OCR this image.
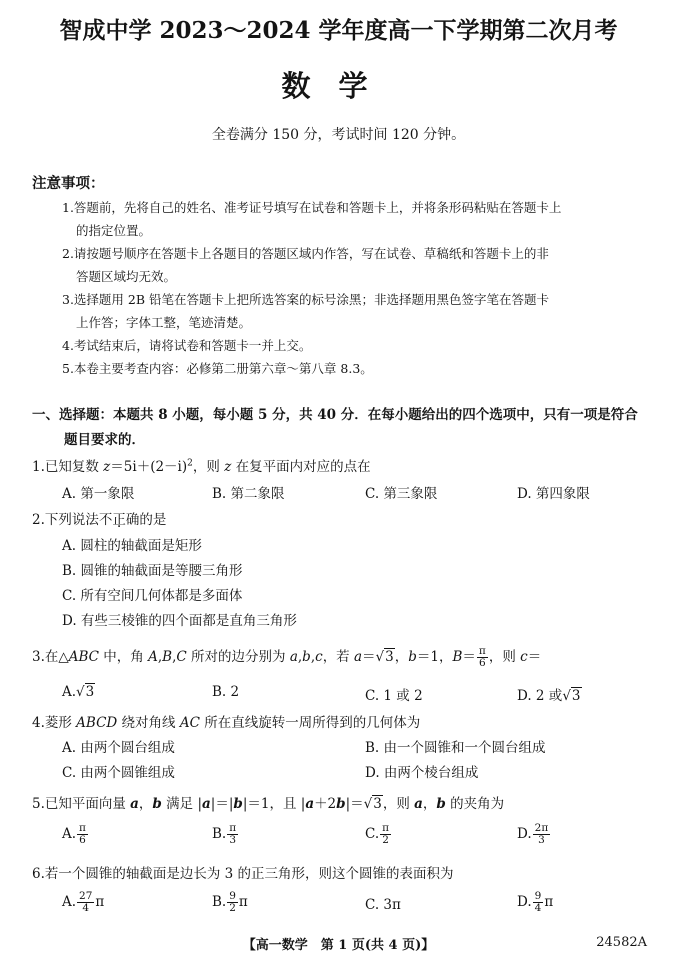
智成中学 2023～2024 学年度高一下学期第二次月考
数学
全卷满分 150 分，考试时间 120 分钟。
注意事项：
1.答题前，先将自己的姓名、准考证号填写在试卷和答题卡上，并将条形码粘贴在答题卡上
的指定位置。
2.请按题号顺序在答题卡上各题目的答题区域内作答，写在试卷、草稿纸和答题卡上的非
答题区域均无效。
3.选择题用 2B 铅笔在答题卡上把所选答案的标号涂黑；非选择题用黑色签字笔在答题卡
上作答；字体工整，笔迹清楚。
4.考试结束后，请将试卷和答题卡一并上交。
5.本卷主要考查内容：必修第二册第六章～第八章 8.3。
一、选择题：本题共 8 小题，每小题 5 分，共 40 分．在每小题给出的四个选项中，只有一项是符合
题目要求的．
1.已知复数 $z=5i+(2-i)^2$，则 z 在复平面内对应的点在
A. 第一象限	B. 第二象限	C. 第三象限	D. 第四象限
2.下列说法不正确的是
A. 圆柱的轴截面是矩形
B. 圆锥的轴截面是等腰三角形
C. 所有空间几何体都是多面体
D. 有些三棱锥的四个面都是直角三角形
3.在△ABC 中，角 A,B,C 所对的边分别为 a,b,c，若 a＝√3，b＝1，$B= \frac{\pi}{6}$ ，则 c＝
A.√3	B. 2	C. 1 或 2	D. 2 或√3
4.菱形 ABCD 绕对角线 AC 所在直线旋转一周所得到的几何体为
A. 由两个圆台组成	B. 由一个圆锥和一个圆台组成
C. 由两个圆锥组成	D. 由两个棱台组成
5.已知平面向量 a，b 满足 |a|＝|b|＝1，且 |a＋2b|＝√3，则 a，b 的夹角为
A. $\frac{\pi}{6}$	B. $\frac{\pi}{3}$	C. $\frac{\pi}{2}$	D. $\frac{2\pi}{3}$
6.若一个圆锥的轴截面是边长为 3 的正三角形，则这个圆锥的表面积为
A. $\frac{27}{4}$ π	B. $\frac{9}{2}$ π	C. 3π	D. $\frac{9}{4}$ π
【高一数学　第 1 页(共 4 页)】	24582A
